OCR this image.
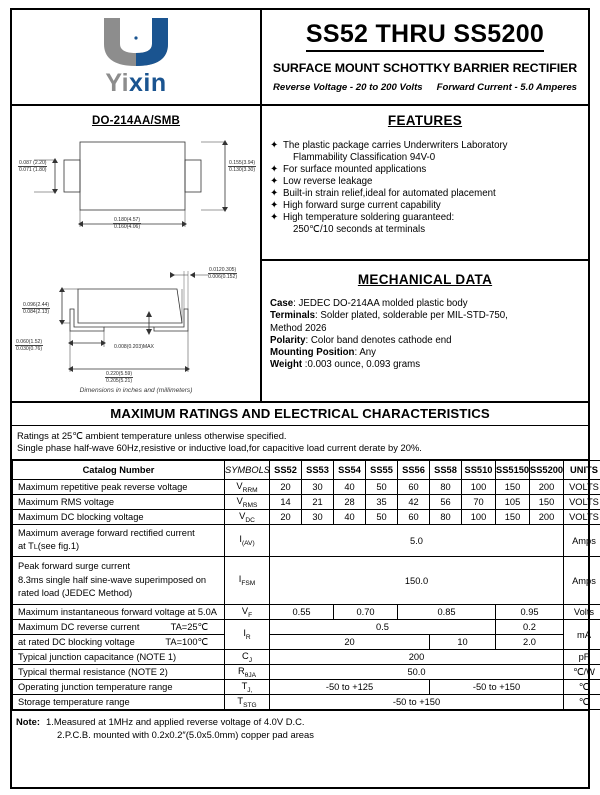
Yixin
SS52 THRU SS5200
SURFACE MOUNT SCHOTTKY BARRIER RECTIFIER
Reverse Voltage - 20 to 200 Volts Forward Current - 5.0 Amperes
DO-214AA/SMB
0.087 (2.20)
0.071 (1.80)
0.155(3.94)
0.130(3.30)
0.180(4.57)
0.160(4.06)
0.0120.305)
0.006(0.152)
0.096(2.44)
0.084(2.13)
0.060(1.52)
0.030(0.76)	0.008(0.203)MAX
0.220(5.59)
0.205(5.21)
Dimensions in inches and (millimeters)
FEATURES
✦ The plastic package carries Underwriters Laboratory
Flammability Classification 94V-0
✦ For surface mounted applications
✦ Low reverse leakage
✦ Built-in strain relief,ideal for automated placement
✦ High forward surge current capability
✦ High temperature soldering guaranteed:
250℃/10 seconds at terminals
MECHANICAL DATA
Case: JEDEC DO-214AA molded plastic body
Terminals: Solder plated, solderable per MIL-STD-750,
Method 2026
Polarity: Color band denotes cathode end
Mounting Position: Any
Weight :0.003 ounce, 0.093 grams
MAXIMUM RATINGS AND ELECTRICAL CHARACTERISTICS
Ratings at 25℃ ambient temperature unless otherwise specified.
Single phase half-wave 60Hz,resistive or inductive load,for capacitive load current derate by 20%.
Catalog Number	SYMBOLS	SS52	SS53	SS54	SS55	SS56	SS58	SS510	SS5150	SS5200	UNITS
Maximum repetitive peak reverse voltage	$V_{RRM}$	20	30	40	50	60	80	100	150	200	VOLTS
Maximum RMS voltage	$V_{RMS}$	14	21	28	35	42	56	70	105	150	VOLTS
Maximum DC blocking voltage	$V_{DC}$	20	30	40	50	60	80	100	150	200	VOLTS

Maximum average forward rectified current
at TL(see fig.1)	$I_{(AV)}$	5.0									Amps

Peak forward surge current
8.3ms single half sine-wave superimposed on
rated load (JEDEC Method)	$I_{FSM}$	150.0									Amps
Maximum instantaneous forward voltage at 5.0A	$V_F$	0.55		0.70		0.85			0.95		Volts
Maximum DC reverse current TA=25℃	$I_R$	0.5							0.2		mA
at rated DC blocking voltage TA=100℃		20					10		2.0		
Typical junction capacitance (NOTE 1)	$C_J$	200									pF
Typical thermal resistance (NOTE 2)	$R_{\theta JA}$	50.0									℃/W
Operating junction temperature range	$T_{J,}$	-50 to +125					-50 to +150				℃
Storage temperature range	$T_{STG}$	-50 to +150									℃
Note: 1.Measured at 1MHz and applied reverse voltage of 4.0V D.C.
2.P.C.B. mounted with 0.2x0.2″(5.0x5.0mm) copper pad areas
